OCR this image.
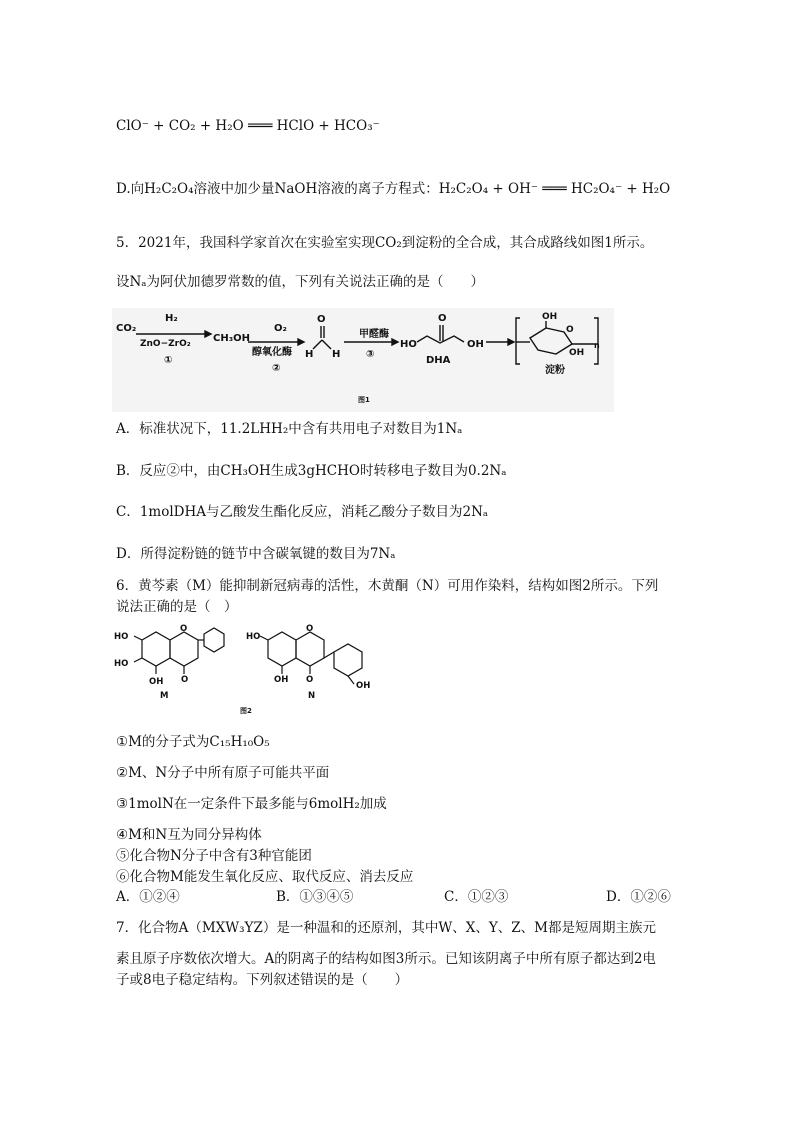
ClO⁻ + CO₂ + H₂O ═══ HClO + HCO₃⁻
D.向H₂C₂O₄溶液中加少量NaOH溶液的离子方程式：H₂C₂O₄ + OH⁻ ═══ HC₂O₄⁻ + H₂O
5．2021年，我国科学家首次在实验室实现CO₂到淀粉的全合成，其合成路线如图1所示。
设Nₐ为阿伏加德罗常数的值，下列有关说法正确的是（　　）
CO₂
H₂
ZnO−ZrO₂
①
CH₃OH
O₂
醇氧化酶
②
O
H H
甲醛酶
③
HO
O
OH
DHA
OH
O
OH
n
淀粉
图1
A．标准状况下，11.2LHH₂中含有共用电子对数目为1Nₐ
B．反应②中，由CH₃OH生成3gHCHO时转移电子数目为0.2Nₐ
C．1molDHA与乙酸发生酯化反应，消耗乙酸分子数目为2Nₐ
D．所得淀粉链的链节中含碳氧键的数目为7Nₐ
6．黄芩素（M）能抑制新冠病毒的活性，木黄酮（N）可用作染料，结构如图2所示。下列
说法正确的是（　）
HO
HO
O
O
OH
M
图2
HO
O
O
OH
OH
N
①M的分子式为C₁₅H₁₀O₅
②M、N分子中所有原子可能共平面
③1molN在一定条件下最多能与6molH₂加成
④M和N互为同分异构体
⑤化合物N分子中含有3种官能团
⑥化合物M能发生氧化反应、取代反应、消去反应
A．①②④	B．①③④⑤	C．①②③	D．①②⑥
7．化合物A（MXW₃YZ）是一种温和的还原剂，其中W、X、Y、Z、M都是短周期主族元
素且原子序数依次增大。A的阴离子的结构如图3所示。已知该阴离子中所有原子都达到2电
子或8电子稳定结构。下列叙述错误的是（　　）
